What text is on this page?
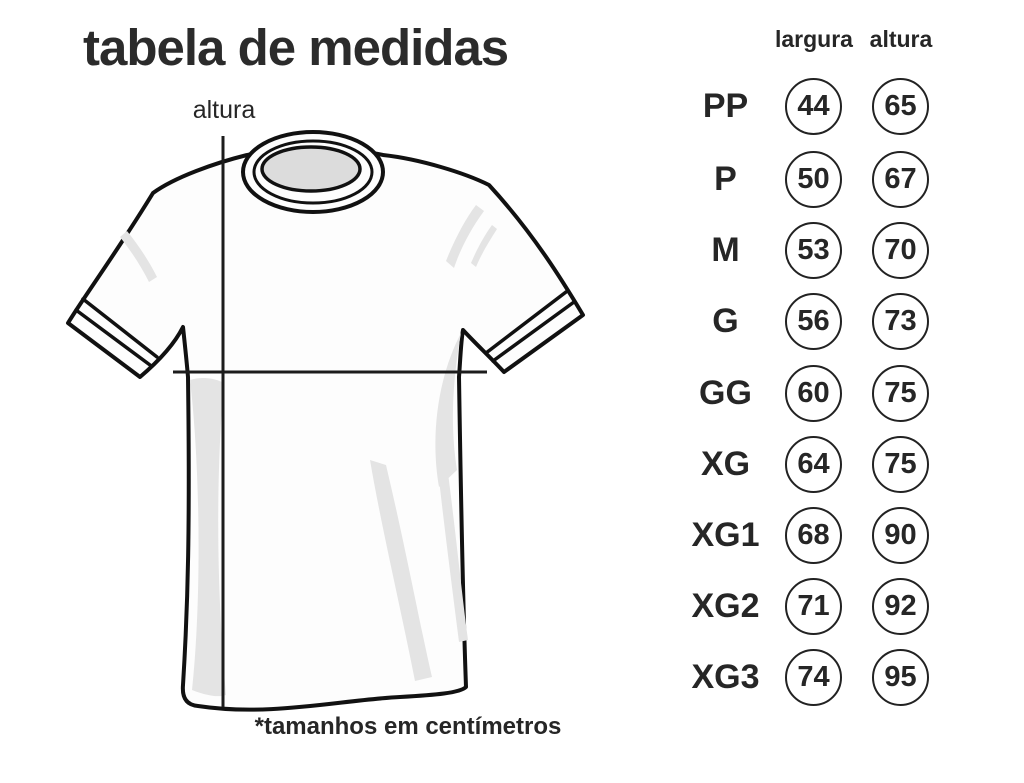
tabela de medidas
altura
*tamanhos em centímetros
largura altura
PP	44 65
P	50 67
M	53 70
G	56 73
GG	60 75
XG	64 75
XG1	68 90
XG2	71 92
XG3	74 95
